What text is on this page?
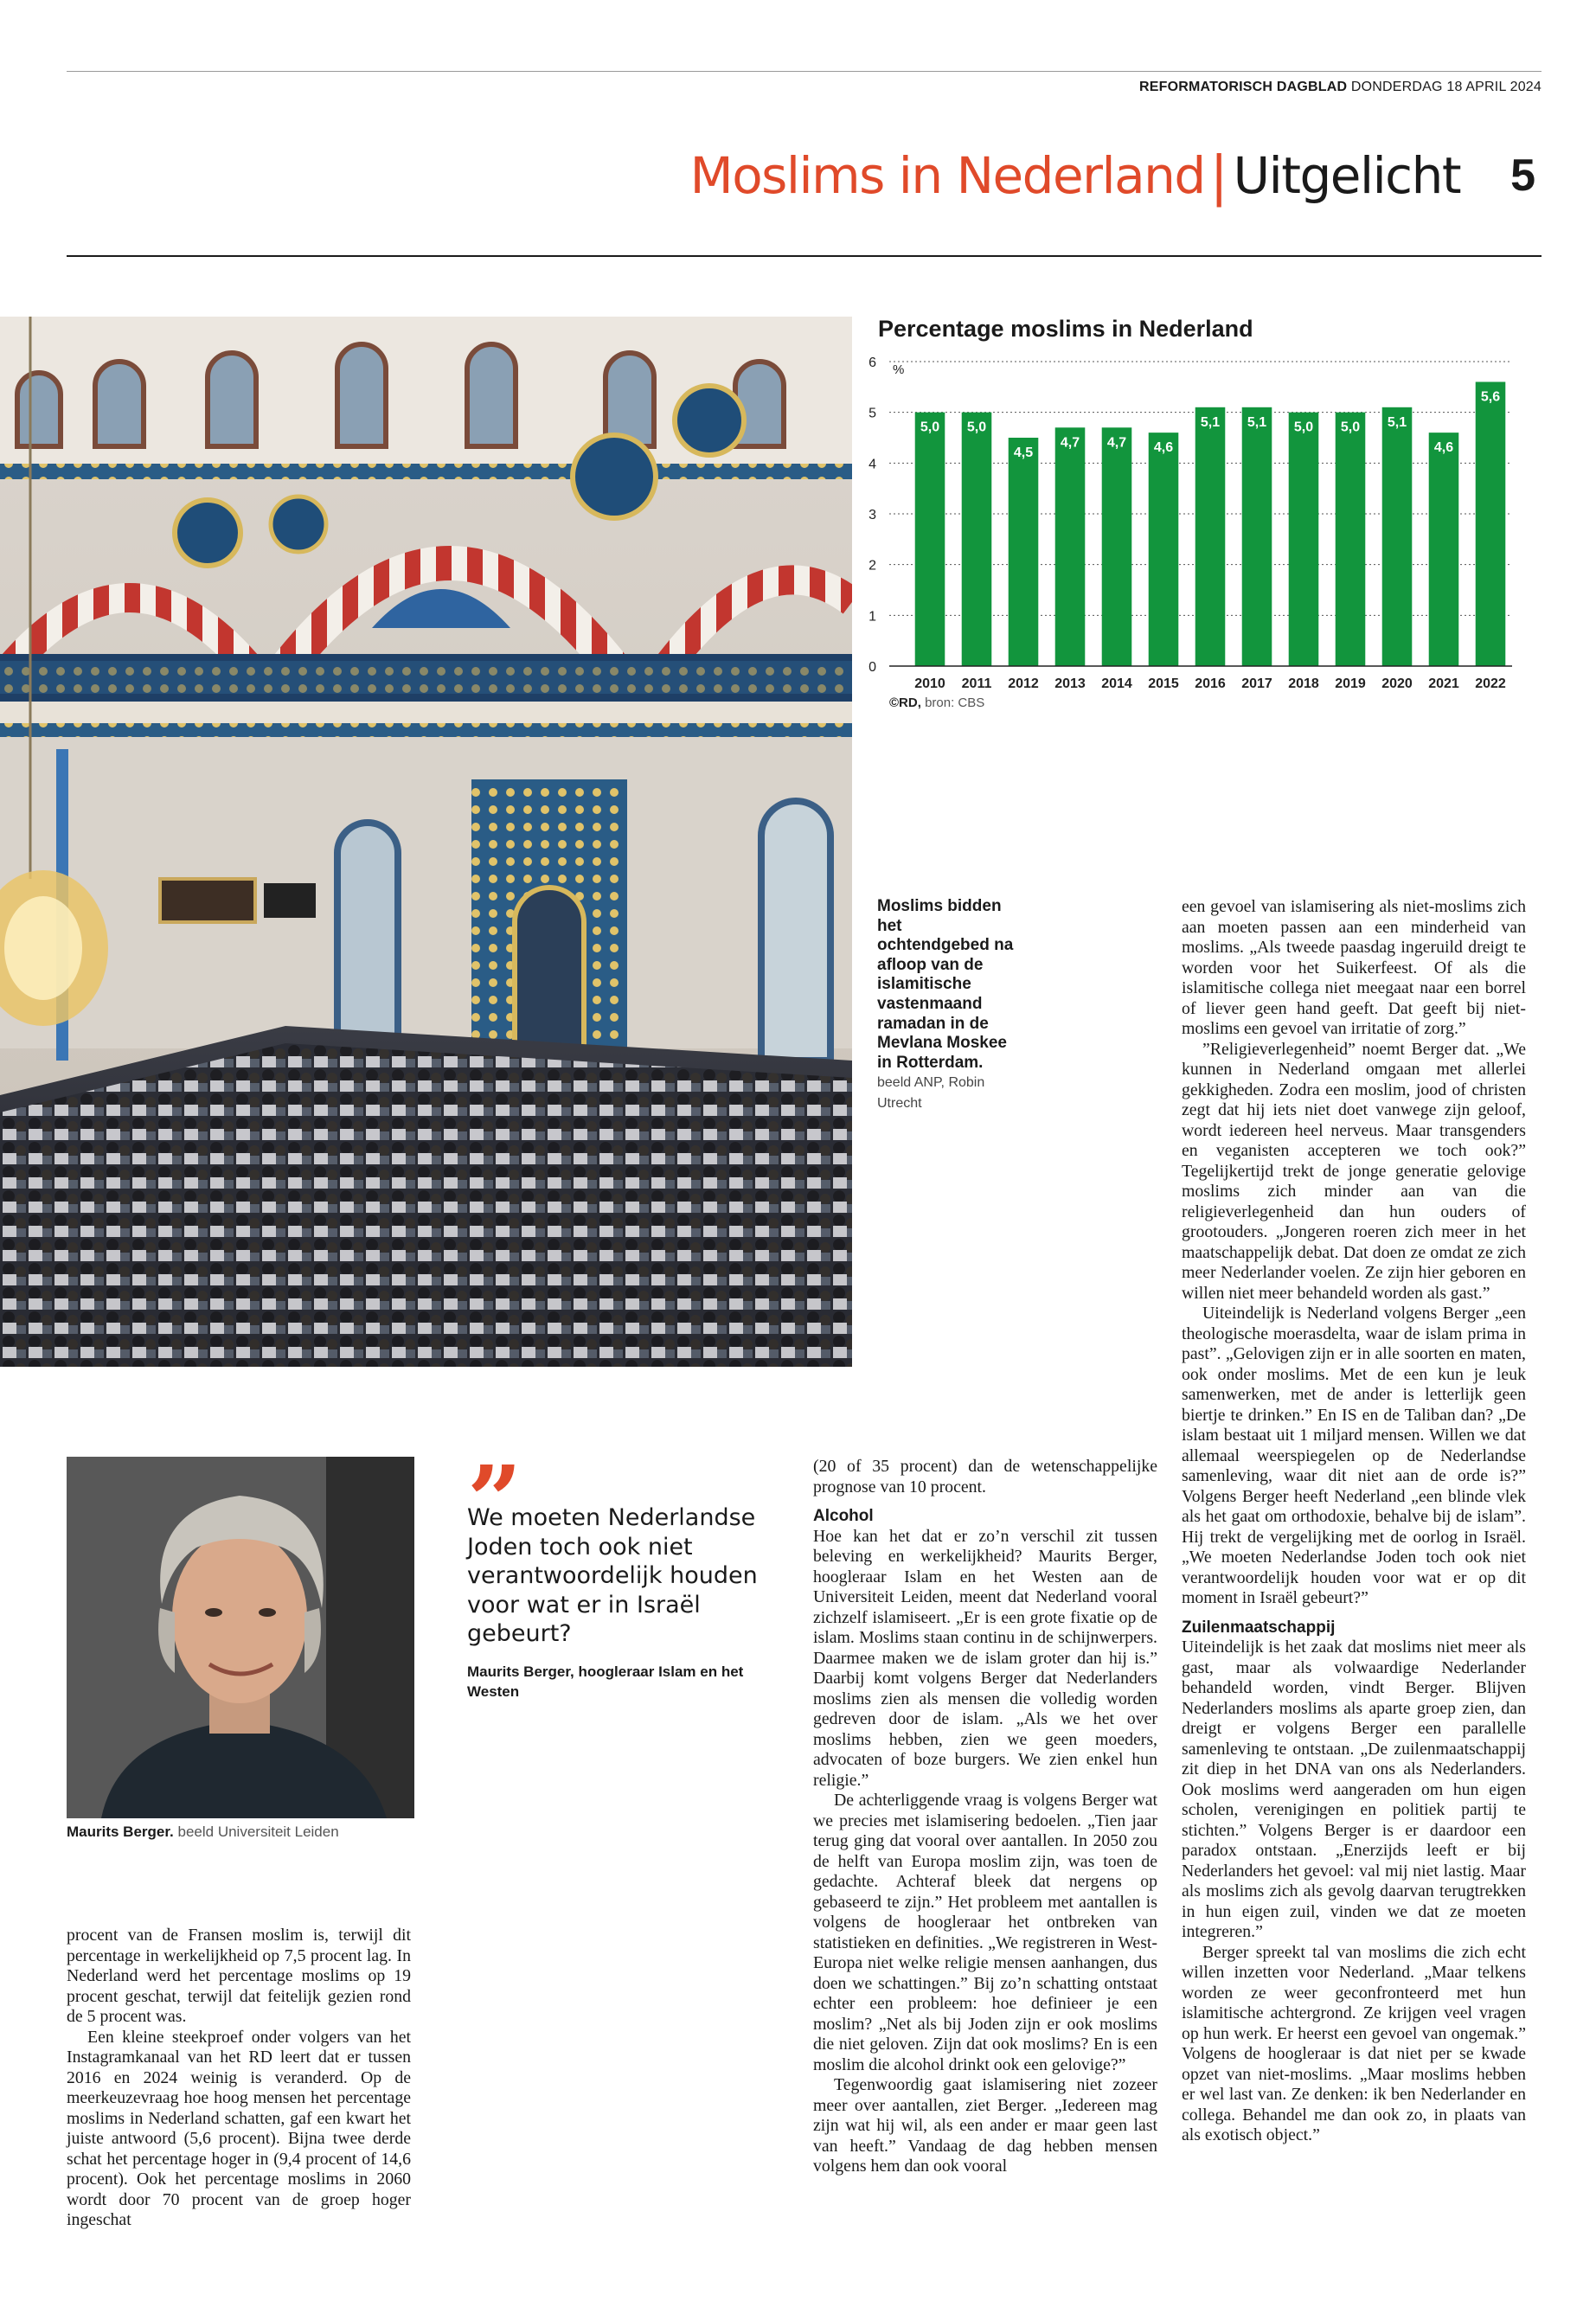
REFORMATORISCH DAGBLAD DONDERDAG 18 APRIL 2024
Moslims in Nederland | Uitgelicht 5
Percentage moslims in Nederland
0
1
2
3
4
5
6 %
5,0
2010
5,0
2011
4,5
2012
4,7
2013
4,7
2014
4,6
2015
5,1
2016
5,1
2017
5,0
2018
5,0
2019
5,1
2020
4,6
2021
5,6
2022
©RD, bron: CBS
Moslims bidden het ochtendgebed na afloop van de islamitische vastenmaand ramadan in de Mevlana Moskee in Rotterdam. beeld ANP, Robin Utrecht

een gevoel van islamisering als niet-moslims zich aan moeten passen aan een minderheid van moslims. „Als tweede paasdag ingeruild dreigt te worden voor het Suikerfeest. Of als die islamitische collega niet meegaat naar een borrel of liever geen hand geeft. Dat geeft bij niet-moslims een gevoel van irritatie of zorg.”

”Religieverlegenheid” noemt Berger dat. „We kunnen in Nederland omgaan met allerlei gekkigheden. Zodra een moslim, jood of christen zegt dat hij iets niet doet vanwege zijn geloof, wordt iedereen heel nerveus. Maar transgenders en veganisten accepteren we toch ook?” Tegelijkertijd trekt de jonge generatie gelovige moslims zich minder aan van die religieverlegenheid dan hun ouders of grootouders. „Jongeren roeren zich meer in het maatschappelijk debat. Dat doen ze omdat ze zich meer Nederlander voelen. Ze zijn hier geboren en willen niet meer behandeld worden als gast.”

Uiteindelijk is Nederland volgens Berger „een theologische moerasdelta, waar de islam prima in past”. „Gelovigen zijn er in alle soorten en maten, ook onder moslims. Met de een kun je leuk samenwerken, met de ander is letterlijk geen biertje te drinken.” En IS en de Taliban dan? „De islam bestaat uit 1 miljard mensen. Willen we dat allemaal weerspiegelen op de Nederlandse samenleving, waar dit niet aan de orde is?” Volgens Berger heeft Nederland „een blinde vlek als het gaat om orthodoxie, behalve bij de islam”. Hij trekt de vergelijking met de oorlog in Israël. „We moeten Nederlandse Joden toch ook niet verantwoordelijk houden voor wat er op dit moment in Israël gebeurt?”

Zuilenmaatschappij

Uiteindelijk is het zaak dat moslims niet meer als gast, maar als volwaardige Nederlander behandeld worden, vindt Berger. Blijven Nederlanders moslims als aparte groep zien, dan dreigt er volgens Berger een parallelle samenleving te ontstaan. „De zuilenmaatschappij zit diep in het DNA van ons als Nederlanders. Ook moslims werd aangeraden om hun eigen scholen, verenigingen en politiek partij te stichten.” Volgens Berger is er daardoor een paradox ontstaan. „Enerzijds leeft er bij Nederlanders het gevoel: val mij niet lastig. Maar als moslims zich als gevolg daarvan terugtrekken in hun eigen zuil, vinden we dat ze moeten integreren.”

Berger spreekt tal van moslims die zich echt willen inzetten voor Nederland. „Maar telkens worden ze weer geconfronteerd met hun islamitische achtergrond. Ze krijgen veel vragen op hun werk. Er heerst een gevoel van ongemak.” Volgens de hoogleraar is dat niet per se kwade opzet van niet-moslims. „Maar moslims hebben er wel last van. Ze denken: ik ben Nederlander en collega. Behandel me dan ook zo, in plaats van als exotisch object.”

Maurits Berger. beeld Universiteit Leiden
”
We moeten Nederlandse Joden toch ook niet verantwoordelijk houden voor wat er in Israël gebeurt?
Maurits Berger, hoogleraar Islam en het Westen

(20 of 35 procent) dan de wetenschappelijke prognose van 10 procent.

Alcohol

Hoe kan het dat er zo’n verschil zit tussen beleving en werkelijkheid? Maurits Berger, hoogleraar Islam en het Westen aan de Universiteit Leiden, meent dat Nederland vooral zichzelf islamiseert. „Er is een grote fixatie op de islam. Moslims staan continu in de schijnwerpers. Daarmee maken we de islam groter dan hij is.” Daarbij komt volgens Berger dat Nederlanders moslims zien als mensen die volledig worden gedreven door de islam. „Als we het over moslims hebben, zien we geen moeders, advocaten of boze burgers. We zien enkel hun religie.”

De achterliggende vraag is volgens Berger wat we precies met islamisering bedoelen. „Tien jaar terug ging dat vooral over aantallen. In 2050 zou de helft van Europa moslim zijn, was toen de gedachte. Achteraf bleek dat nergens op gebaseerd te zijn.” Het probleem met aantallen is volgens de hoogleraar het ontbreken van statistieken en definities. „We registreren in West-Europa niet welke religie mensen aanhangen, dus doen we schattingen.” Bij zo’n schatting ontstaat echter een probleem: hoe definieer je een moslim? „Net als bij Joden zijn er ook moslims die niet geloven. Zijn dat ook moslims? En is een moslim die alcohol drinkt ook een gelovige?”

Tegenwoordig gaat islamisering niet zozeer meer over aantallen, ziet Berger. „Iedereen mag zijn wat hij wil, als een ander er maar geen last van heeft.” Vandaag de dag hebben mensen volgens hem dan ook vooral

procent van de Fransen moslim is, terwijl dit percentage in werkelijkheid op 7,5 procent lag. In Nederland werd het percentage moslims op 19 procent geschat, terwijl dat feitelijk gezien rond de 5 procent was.

Een kleine steekproef onder volgers van het Instagramkanaal van het RD leert dat er tussen 2016 en 2024 weinig is veranderd. Op de meerkeuzevraag hoe hoog mensen het percentage moslims in Nederland schatten, gaf een kwart het juiste antwoord (5,6 procent). Bijna twee derde schat het percentage hoger in (9,4 procent of 14,6 procent). Ook het percentage moslims in 2060 wordt door 70 procent van de groep hoger ingeschat
